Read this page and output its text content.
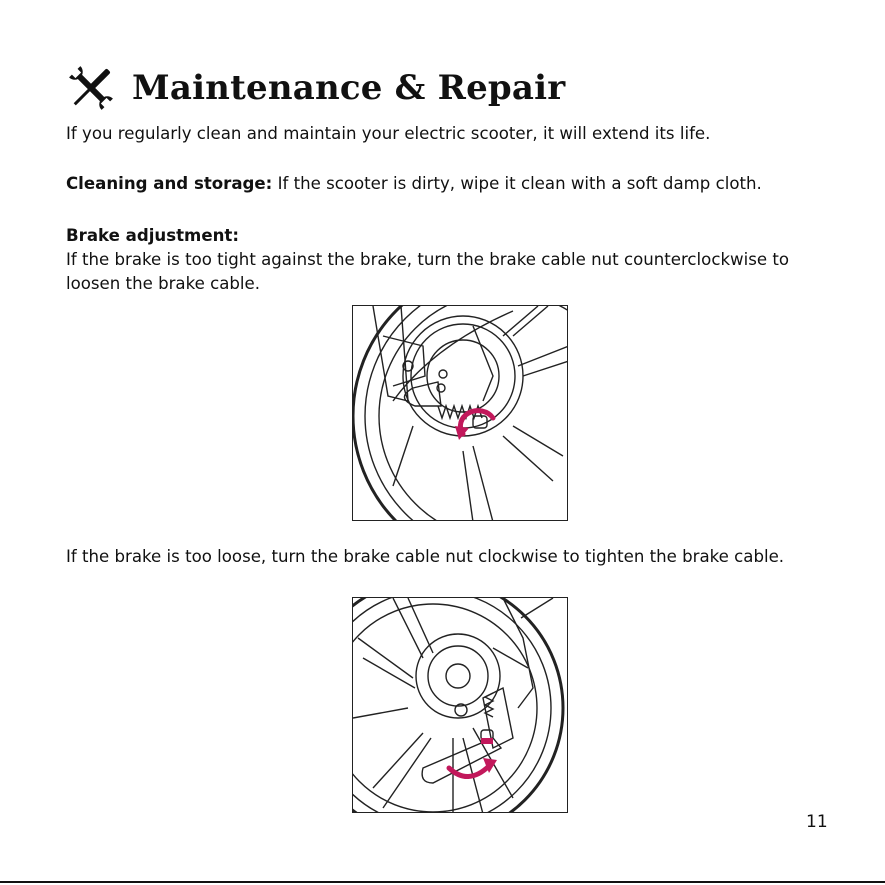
Maintenance & Repair

If you regularly clean and maintain your electric scooter, it will extend its life.

Cleaning and storage: If the scooter is dirty, wipe it clean with a soft damp cloth.

Brake adjustment:

If the brake is too tight against the brake, turn the brake cable nut counterclockwise to loosen the brake cable.

If the brake is too loose, turn the brake cable nut clockwise to tighten the brake cable.

11
